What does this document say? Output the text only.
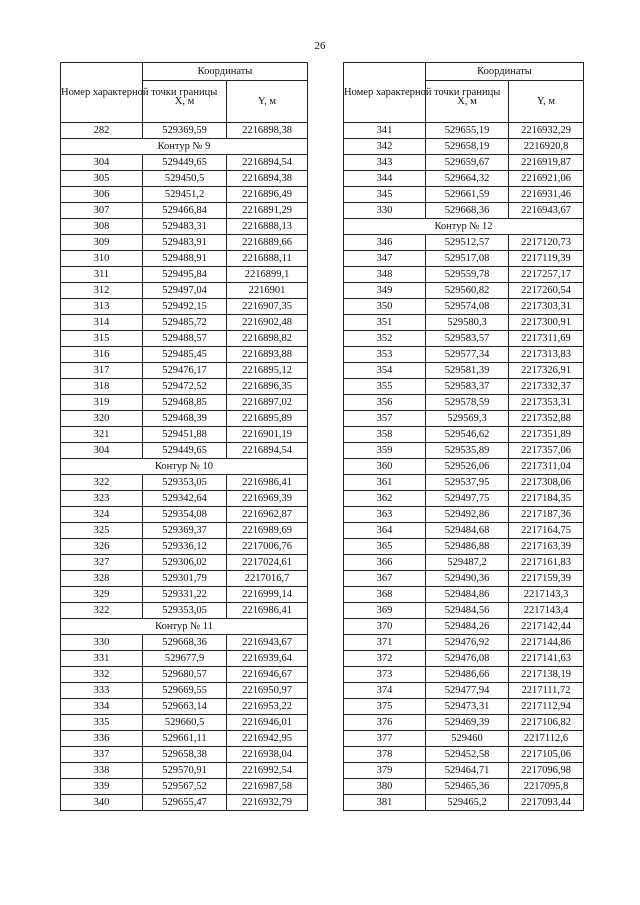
26
Номер характерной точки границы	Координаты	
	X, м	Y, м
282	529369,59	2216898,38
Контур № 9		
304	529449,65	2216894,54
305	529450,5	2216894,38
306	529451,2	2216896,49
307	529466,84	2216891,29
308	529483,31	2216888,13
309	529483,91	2216889,66
310	529488,91	2216888,11
311	529495,84	2216899,1
312	529497,04	2216901
313	529492,15	2216907,35
314	529485,72	2216902,48
315	529488,57	2216898,82
316	529485,45	2216893,88
317	529476,17	2216895,12
318	529472,52	2216896,35
319	529468,85	2216897,02
320	529468,39	2216895,89
321	529451,88	2216901,19
304	529449,65	2216894,54
Контур № 10		
322	529353,05	2216986,41
323	529342,64	2216969,39
324	529354,08	2216962,87
325	529369,37	2216989,69
326	529336,12	2217006,76
327	529306,02	2217024,61
328	529301,79	2217016,7
329	529331,22	2216999,14
322	529353,05	2216986,41
Контур № 11		
330	529668,36	2216943,67
331	529677,9	2216939,64
332	529680,57	2216946,67
333	529669,55	2216950,97
334	529663,14	2216953,22
335	529660,5	2216946,01
336	529661,11	2216942,95
337	529658,38	2216938,04
338	529570,91	2216992,54
339	529567,52	2216987,58
340	529655,47	2216932,79
Номер характерной точки границы	Координаты	
	X, м	Y, м
341	529655,19	2216932,29
342	529658,19	2216920,8
343	529659,67	2216919,87
344	529664,32	2216921,06
345	529661,59	2216931,46
330	529668,36	2216943,67
Контур № 12		
346	529512,57	2217120,73
347	529517,08	2217119,39
348	529559,78	2217257,17
349	529560,82	2217260,54
350	529574,08	2217303,31
351	529580,3	2217300,91
352	529583,57	2217311,69
353	529577,34	2217313,83
354	529581,39	2217326,91
355	529583,37	2217332,37
356	529578,59	2217353,31
357	529569,3	2217352,88
358	529546,62	2217351,89
359	529535,89	2217357,06
360	529526,06	2217311,04
361	529537,95	2217308,06
362	529497,75	2217184,35
363	529492,86	2217187,36
364	529484,68	2217164,75
365	529486,88	2217163,39
366	529487,2	2217161,83
367	529490,36	2217159,39
368	529484,86	2217143,3
369	529484,56	2217143,4
370	529484,26	2217142,44
371	529476,92	2217144,86
372	529476,08	2217141,63
373	529486,66	2217138,19
374	529477,94	2217111,72
375	529473,31	2217112,94
376	529469,39	2217106,82
377	529460	2217112,6
378	529452,58	2217105,06
379	529464,71	2217096,98
380	529465,36	2217095,8
381	529465,2	2217093,44
